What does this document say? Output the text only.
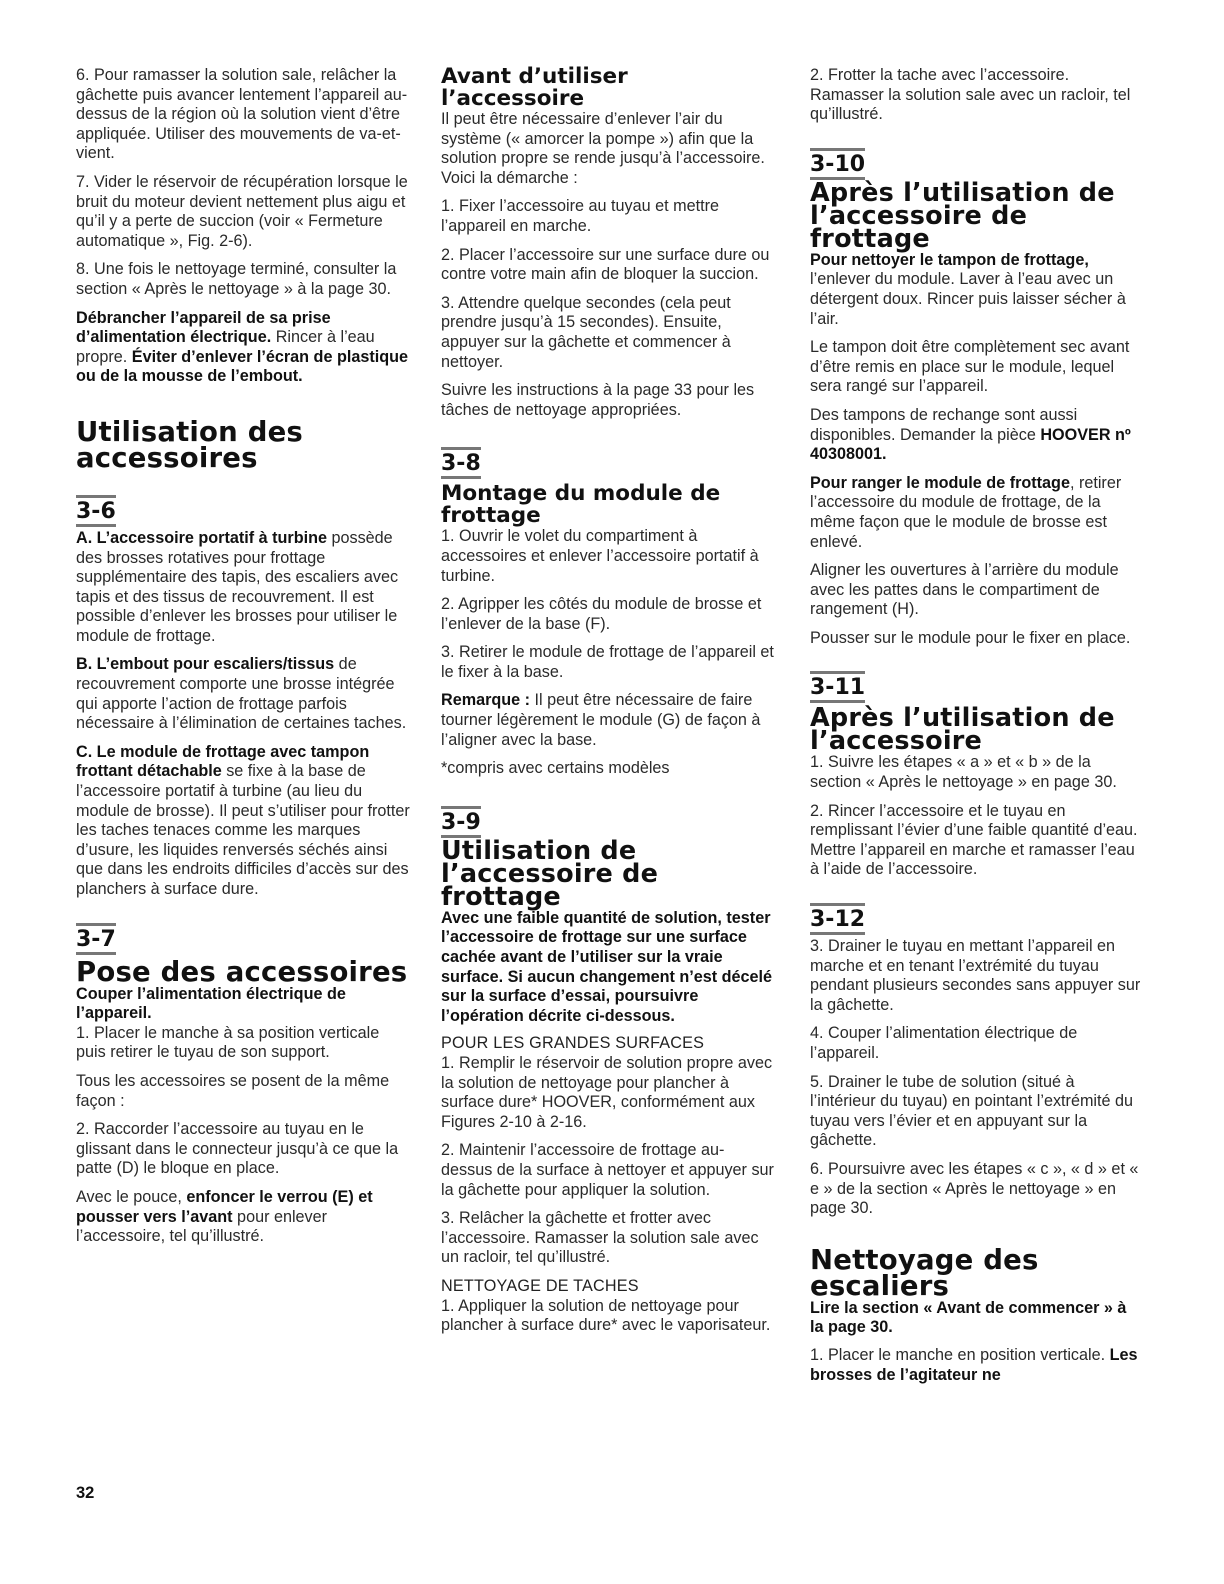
6. Pour ramasser la solution sale, relâcher la gâchette puis avancer lentement l’appareil au-dessus de la région où la solution vient d’être appliquée. Utiliser des mouvements de va-et-vient.

7. Vider le réservoir de récupération lorsque le bruit du moteur devient nettement plus aigu et qu’il y a perte de succion (voir « Fermeture automatique », Fig. 2-6).

8. Une fois le nettoyage terminé, consulter la section « Après le nettoyage » à la page 30.

Débrancher l’appareil de sa prise d’alimentation électrique. Rincer à l’eau propre. Éviter d’enlever l’écran de plastique ou de la mousse de l’embout.

Utilisation des accessoires
3-6

A. L’accessoire portatif à turbine possède des brosses rotatives pour frottage supplémentaire des tapis, des escaliers avec tapis et des tissus de recouvrement. Il est possible d’enlever les brosses pour utiliser le module de frottage.

B. L’embout pour escaliers/tissus de recouvrement comporte une brosse intégrée qui apporte l’action de frottage parfois nécessaire à l’élimination de certaines taches.

C. Le module de frottage avec tampon frottant détachable se fixe à la base de l’accessoire portatif à turbine (au lieu du module de brosse). Il peut s’utiliser pour frotter les taches tenaces comme les marques d’usure, les liquides renversés séchés ainsi que dans les endroits difficiles d’accès sur des planchers à surface dure.

3-7
Pose des accessoires

Couper l’alimentation électrique de l’appareil.

1. Placer le manche à sa position verticale puis retirer le tuyau de son support.

Tous les accessoires se posent de la même façon :

2. Raccorder l’accessoire au tuyau en le glissant dans le connecteur jusqu’à ce que la patte (D) le bloque en place.

Avec le pouce, enfoncer le verrou (E) et pousser vers l’avant pour enlever l’accessoire, tel qu’illustré.

32
Avant d’utiliser l’accessoire

Il peut être nécessaire d’enlever l’air du système (« amorcer la pompe ») afin que la solution propre se rende jusqu’à l’accessoire. Voici la démarche :

1. Fixer l’accessoire au tuyau et mettre l’appareil en marche.

2. Placer l’accessoire sur une surface dure ou contre votre main afin de bloquer la succion.

3. Attendre quelque secondes (cela peut prendre jusqu’à 15 secondes). Ensuite, appuyer sur la gâchette et commencer à nettoyer.

Suivre les instructions à la page 33 pour les tâches de nettoyage appropriées.

3-8
Montage du module de frottage

1. Ouvrir le volet du compartiment à accessoires et enlever l’accessoire portatif à turbine.

2. Agripper les côtés du module de brosse et l’enlever de la base (F).

3. Retirer le module de frottage de l’appareil et le fixer à la base.

Remarque : Il peut être nécessaire de faire tourner légèrement le module (G) de façon à l’aligner avec la base.

*compris avec certains modèles

3-9
Utilisation de l’accessoire de frottage

Avec une faible quantité de solution, tester l’accessoire de frottage sur une surface cachée avant de l’utiliser sur la vraie surface. Si aucun changement n’est décelé sur la surface d’essai, poursuivre l’opération décrite ci-dessous.

POUR LES GRANDES SURFACES

1. Remplir le réservoir de solution propre avec la solution de nettoyage pour plancher à surface dure* HOOVER, conformément aux Figures 2-10 à 2-16.

2. Maintenir l’accessoire de frottage au-dessus de la surface à nettoyer et appuyer sur la gâchette pour appliquer la solution.

3. Relâcher la gâchette et frotter avec l’accessoire. Ramasser la solution sale avec un racloir, tel qu’illustré.

NETTOYAGE DE TACHES

1. Appliquer la solution de nettoyage pour plancher à surface dure* avec le vaporisateur.

2. Frotter la tache avec l’accessoire. Ramasser la solution sale avec un racloir, tel qu’illustré.

3-10
Après l’utilisation de l’accessoire de frottage

Pour nettoyer le tampon de frottage, l’enlever du module. Laver à l’eau avec un détergent doux. Rincer puis laisser sécher à l’air.

Le tampon doit être complètement sec avant d’être remis en place sur le module, lequel sera rangé sur l’appareil.

Des tampons de rechange sont aussi disponibles. Demander la pièce HOOVER nº 40308001.

Pour ranger le module de frottage, retirer l’accessoire du module de frottage, de la même façon que le module de brosse est enlevé.

Aligner les ouvertures à l’arrière du module avec les pattes dans le compartiment de rangement (H).

Pousser sur le module pour le fixer en place.

3-11
Après l’utilisation de l’accessoire

1. Suivre les étapes « a » et « b » de la section « Après le nettoyage » en page 30.

2. Rincer l’accessoire et le tuyau en remplissant l’évier d’une faible quantité d’eau. Mettre l’appareil en marche et ramasser l’eau à l’aide de l’accessoire.

3-12

3. Drainer le tuyau en mettant l’appareil en marche et en tenant l’extrémité du tuyau pendant plusieurs secondes sans appuyer sur la gâchette.

4. Couper l’alimentation électrique de l’appareil.

5. Drainer le tube de solution (situé à l’intérieur du tuyau) en pointant l’extrémité du tuyau vers l’évier et en appuyant sur la gâchette.

6. Poursuivre avec les étapes « c », « d » et « e » de la section « Après le nettoyage » en page 30.

Nettoyage des escaliers

Lire la section « Avant de commencer » à la page 30.

1. Placer le manche en position verticale. Les brosses de l’agitateur ne
